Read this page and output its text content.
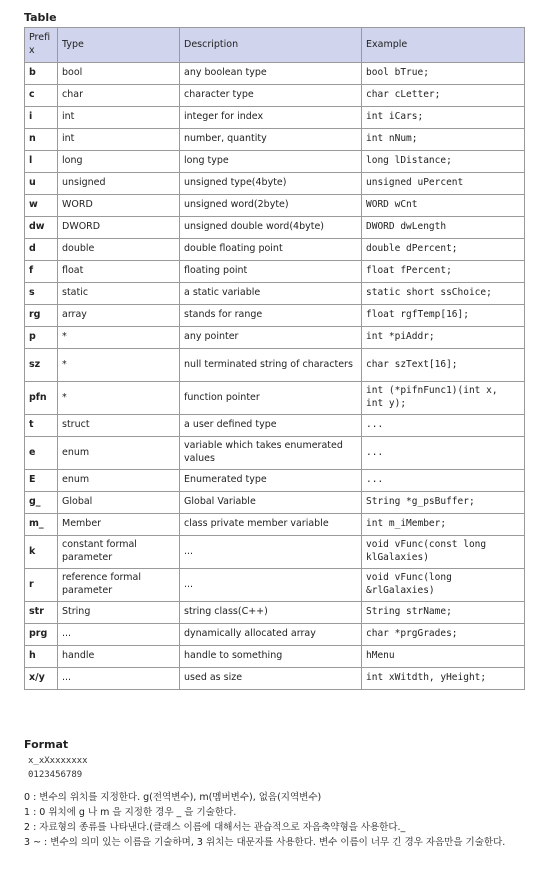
Table
Prefix	Type	Description	Example
b	bool	any boolean type	bool bTrue;
c	char	character type	char cLetter;
i	int	integer for index	int iCars;
n	int	number, quantity	int nNum;
l	long	long type	long lDistance;
u	unsigned	unsigned type(4byte)	unsigned uPercent
w	WORD	unsigned word(2byte)	WORD wCnt
dw	DWORD	unsigned double word(4byte)	DWORD dwLength
d	double	double floating point	double dPercent;
f	float	floating point	float fPercent;
s	static	a static variable	static short ssChoice;
rg	array	stands for range	float rgfTemp[16];
p	*	any pointer	int *piAddr;
sz	*	null terminated string of characters	char szText[16];
pfn	*	function pointer	int (*pifnFunc1)(int x, int y);
t	struct	a user defined type	...
e	enum	variable which takes enumerated values	...
E	enum	Enumerated type	...
g_	Global	Global Variable	String *g_psBuffer;
m_	Member	class private member variable	int m_iMember;
k	constant formal parameter	...	void vFunc(const long klGalaxies)
r	reference formal parameter	...	void vFunc(long &rlGalaxies)
str	String	string class(C++)	String strName;
prg	...	dynamically allocated array	char *prgGrades;
h	handle	handle to something	hMenu
x/y	...	used as size	int xWitdth, yHeight;
Format
x_xXxxxxxxx
0123456789
0 : 변수의 위치를 지정한다. g(전역변수), m(멤버변수), 없음(지역변수)
1 : 0 위치에 g 나 m 을 지정한 경우 _ 을 기술한다.
2 : 자료형의 종류를 나타낸다.(클래스 이름에 대해서는 관습적으로 자음축약형을 사용한다._
3 ~ : 변수의 의미 있는 이름을 기술하며, 3 위치는 대문자를 사용한다. 변수 이름이 너무 긴 경우 자음만을 기술한다.
